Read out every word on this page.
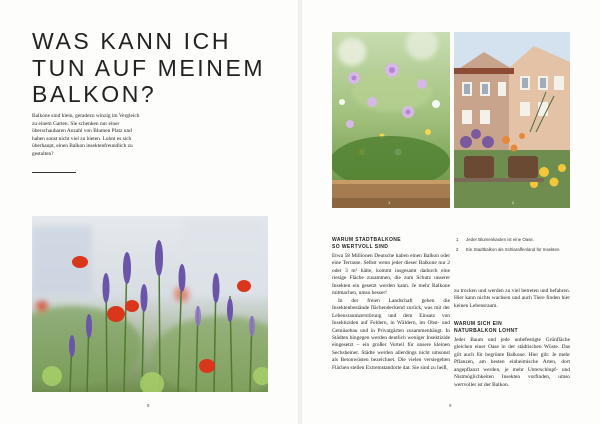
WAS KANN ICH TUN AUF MEINEM BALKON?

Balkone sind klein, geradezu winzig im Vergleich zu einem Garten. Sie schenken nur einer überschaubaren Anzahl von Blumen Platz und haben sonst nicht viel zu bieten. Lohnt es sich überhaupt, einen Balkon insektenfreundlich zu gestalten?

8
1	2
WARUM STADTBALKONE
SO WERTVOLL SIND

Etwa 58 Millionen Deutsche haben einen Balkon oder eine Terrasse. Selbst wenn jeder dieser Balkone nur 2 oder 3 m² hätte, kommt insgesamt dadurch eine riesige Fläche zusammen, die zum Schutz unserer Insekten ein gesetzt werden kann. Je mehr Balkone mitmachen, umso besser!

In der freien Landschaft gehen die Insektenbestände flächendeckend zurück, was mit der Lebensraumzerstörung und dem Einsatz von Insektiziden auf Feldern, in Wäldern, im Obst- und Gemüsebau und in Privatgärten zusammenhängt. In Städten hingegen werden deutlich weniger Insektizide eingesetzt – ein großer Vorteil für unsere kleinen Sechsbeiner. Städte werden allerdings nicht umsonst als Betonwüsten bezeichnet. Die vielen versiegelten Flächen stellen Extremstandorte dar. Sie sind zu heiß,

1 Jeder Blumenkasten ist eine Oase.
2 Ein Stadtbalkon als Schlaraffenland für Insekten

zu trocken und werden zu viel betreten und befahren. Hier kann nichts wachsen und auch Tiere finden hier keinen Lebensraum.

WARUM SICH EIN
NATURBALKON LOHNT

Jeder Baum und jede unbefestigte Grünfläche gleichen einer Oase in der städtischen Wüste. Das gilt auch für begrünte Balkone. Hier gilt: Je mehr Pflanzen, am besten einheimische Arten, dort angepflanzt werden, je mehr Unterschlupf- und Nistmöglichkeiten Insekten vorfinden, umso wertvoller ist der Balkon.

9
